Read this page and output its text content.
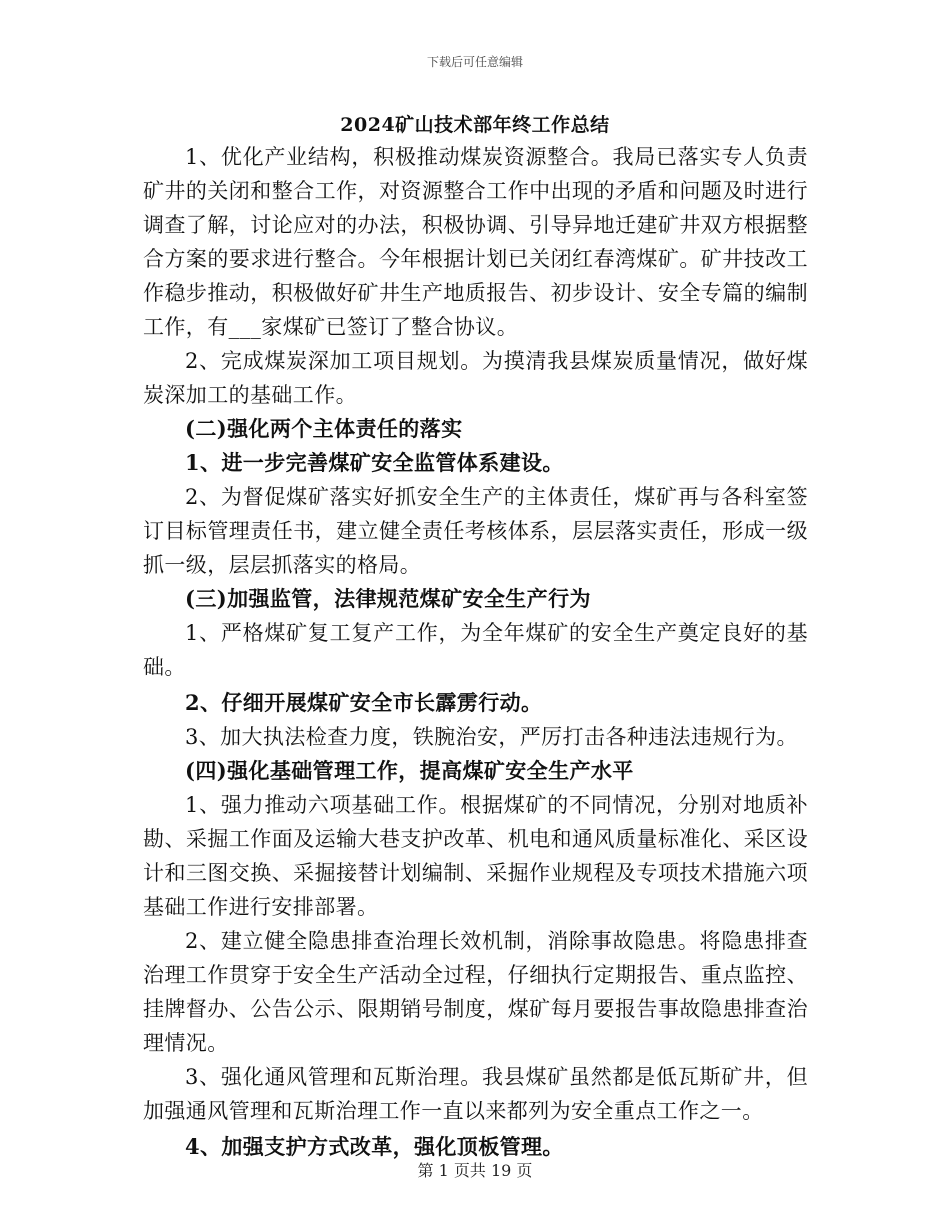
下载后可任意编辑
2024矿山技术部年终工作总结

1、优化产业结构，积极推动煤炭资源整合。我局已落实专人负责矿井的关闭和整合工作，对资源整合工作中出现的矛盾和问题及时进行调查了解，讨论应对的办法，积极协调、引导异地迁建矿井双方根据整合方案的要求进行整合。今年根据计划已关闭红春湾煤矿。矿井技改工作稳步推动，积极做好矿井生产地质报告、初步设计、安全专篇的编制工作，有___家煤矿已签订了整合协议。

2、完成煤炭深加工项目规划。为摸清我县煤炭质量情况，做好煤炭深加工的基础工作。

(二)强化两个主体责任的落实

1、进一步完善煤矿安全监管体系建设。

2、为督促煤矿落实好抓安全生产的主体责任，煤矿再与各科室签订目标管理责任书，建立健全责任考核体系，层层落实责任，形成一级抓一级，层层抓落实的格局。

(三)加强监管，法律规范煤矿安全生产行为

1、严格煤矿复工复产工作，为全年煤矿的安全生产奠定良好的基础。

2、仔细开展煤矿安全市长霹雳行动。

3、加大执法检查力度，铁腕治安，严厉打击各种违法违规行为。

(四)强化基础管理工作，提高煤矿安全生产水平

1、强力推动六项基础工作。根据煤矿的不同情况，分别对地质补勘、采掘工作面及运输大巷支护改革、机电和通风质量标准化、采区设计和三图交换、采掘接替计划编制、采掘作业规程及专项技术措施六项基础工作进行安排部署。

2、建立健全隐患排查治理长效机制，消除事故隐患。将隐患排查治理工作贯穿于安全生产活动全过程，仔细执行定期报告、重点监控、挂牌督办、公告公示、限期销号制度，煤矿每月要报告事故隐患排查治理情况。

3、强化通风管理和瓦斯治理。我县煤矿虽然都是低瓦斯矿井，但加强通风管理和瓦斯治理工作一直以来都列为安全重点工作之一。

4、加强支护方式改革，强化顶板管理。

第 1 页共 19 页
